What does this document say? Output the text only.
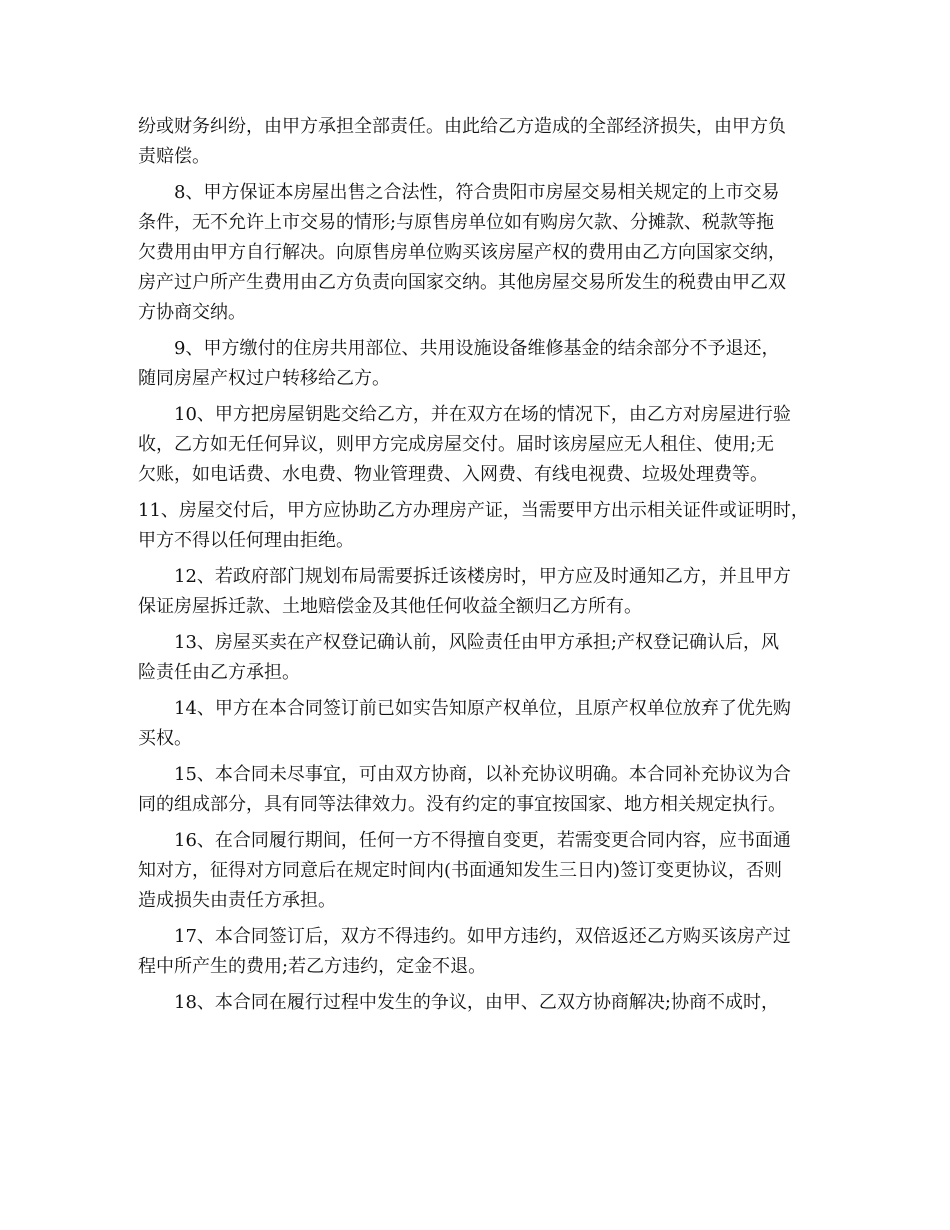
纷或财务纠纷，由甲方承担全部责任。由此给乙方造成的全部经济损失，由甲方负
责赔偿。
8、甲方保证本房屋出售之合法性，符合贵阳市房屋交易相关规定的上市交易
条件，无不允许上市交易的情形;与原售房单位如有购房欠款、分摊款、税款等拖
欠费用由甲方自行解决。向原售房单位购买该房屋产权的费用由乙方向国家交纳，
房产过户所产生费用由乙方负责向国家交纳。其他房屋交易所发生的税费由甲乙双
方协商交纳。
9、甲方缴付的住房共用部位、共用设施设备维修基金的结余部分不予退还，
随同房屋产权过户转移给乙方。
10、甲方把房屋钥匙交给乙方，并在双方在场的情况下，由乙方对房屋进行验
收，乙方如无任何异议，则甲方完成房屋交付。届时该房屋应无人租住、使用;无
欠账，如电话费、水电费、物业管理费、入网费、有线电视费、垃圾处理费等。
11、房屋交付后，甲方应协助乙方办理房产证，当需要甲方出示相关证件或证明时，
甲方不得以任何理由拒绝。
12、若政府部门规划布局需要拆迁该楼房时，甲方应及时通知乙方，并且甲方
保证房屋拆迁款、土地赔偿金及其他任何收益全额归乙方所有。
13、房屋买卖在产权登记确认前，风险责任由甲方承担;产权登记确认后，风
险责任由乙方承担。
14、甲方在本合同签订前已如实告知原产权单位，且原产权单位放弃了优先购
买权。
15、本合同未尽事宜，可由双方协商，以补充协议明确。本合同补充协议为合
同的组成部分，具有同等法律效力。没有约定的事宜按国家、地方相关规定执行。
16、在合同履行期间，任何一方不得擅自变更，若需变更合同内容，应书面通
知对方，征得对方同意后在规定时间内(书面通知发生三日内)签订变更协议，否则
造成损失由责任方承担。
17、本合同签订后，双方不得违约。如甲方违约，双倍返还乙方购买该房产过
程中所产生的费用;若乙方违约，定金不退。
18、本合同在履行过程中发生的争议，由甲、乙双方协商解决;协商不成时，
